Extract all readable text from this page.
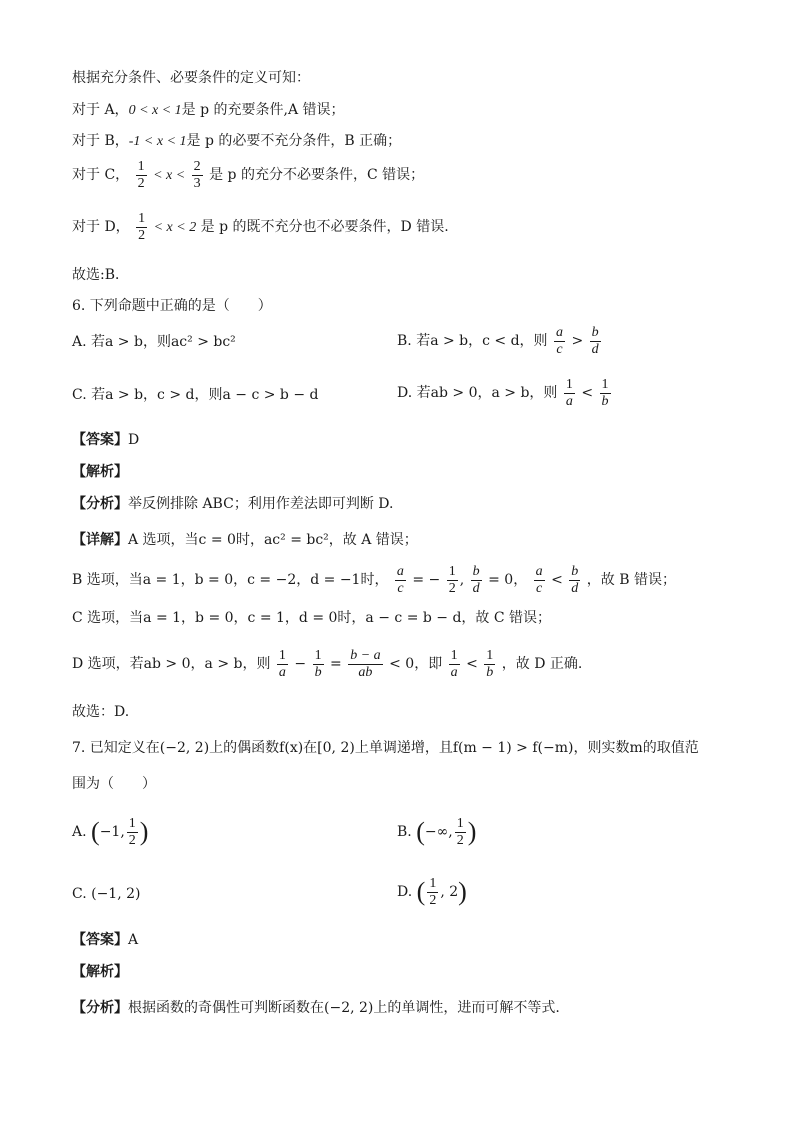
根据充分条件、必要条件的定义可知：
对于 A，0 < x < 1是 p 的充要条件,A 错误；
对于 B，-1 < x < 1是 p 的必要不充分条件，B 正确；
对于 C， $\frac{1}{2} < x < \frac{2}{3}$ 是 p 的充分不必要条件，C 错误；
对于 D， $\frac{1}{2} < x < 2$ 是 p 的既不充分也不必要条件，D 错误.
故选:B．
6. 下列命题中正确的是（　　）
A. 若a > b，则ac² > bc²	B. 若a > b，c < d，则 $\frac{a}{c} > \frac{b}{d}$
C. 若a > b，c > d，则a − c > b − d	D. 若ab > 0，a > b，则 $\frac{1}{a} < \frac{1}{b}$
【答案】D
【解析】
【分析】举反例排除 ABC；利用作差法即可判断 D.
【详解】A 选项，当c = 0时，ac² = bc²，故 A 错误；
B 选项，当a = 1，b = 0，c = −2，d = −1时， $\frac{a}{c}$ = − $\frac{1}{2}$ , $\frac{b}{d} = 0$， $\frac{a}{c} < \frac{b}{d}$ ，故 B 错误；
C 选项，当a = 1，b = 0，c = 1，d = 0时，a − c = b − d，故 C 错误；
D 选项，若ab > 0，a > b，则 $\frac{1}{a} - \frac{1}{b} = \frac{b - a}{ab} < 0$，即 $\frac{1}{a} < \frac{1}{b}$ ，故 D 正确.
故选：D.
7. 已知定义在(−2, 2)上的偶函数f(x)在[0, 2)上单调递增，且f(m − 1) > f(−m)，则实数m的取值范
围为（　　）
A. (−1, $\frac{1}{2}$ )	B. (−∞, $\frac{1}{2}$ )
C. (−1, 2)	D. ( $\frac{1}{2}$ , 2)
【答案】A
【解析】
【分析】根据函数的奇偶性可判断函数在(−2, 2)上的单调性，进而可解不等式.
